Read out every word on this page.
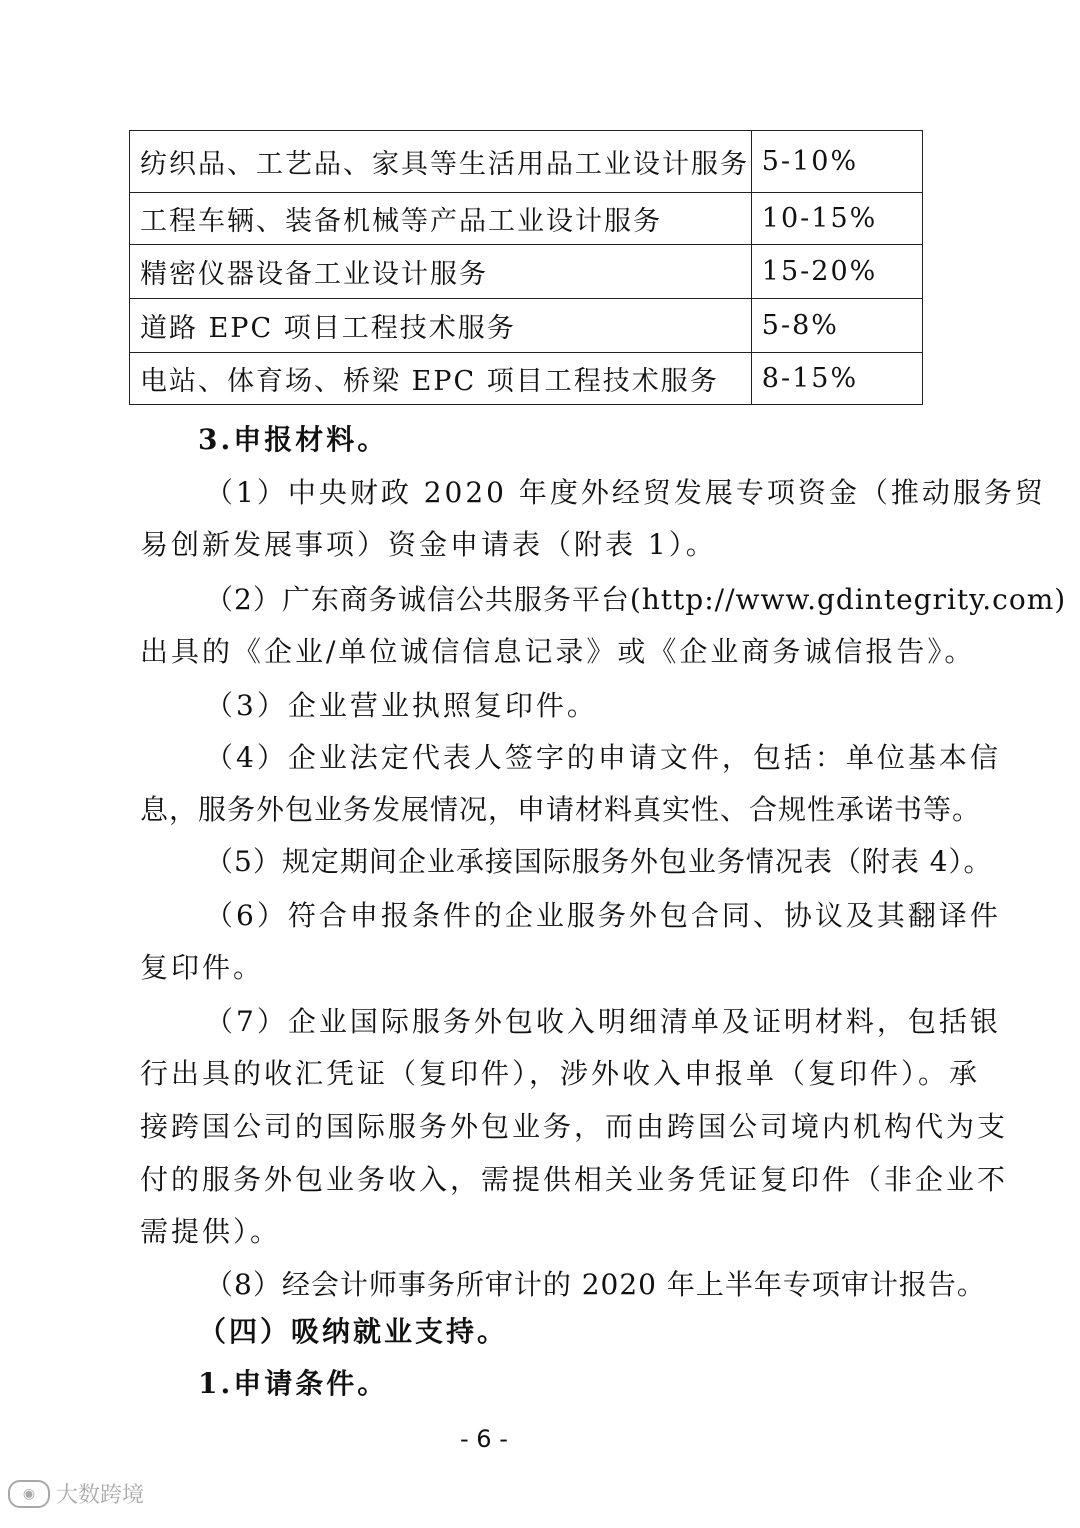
纺织品、工艺品、家具等生活用品工业设计服务	5-10%
工程车辆、装备机械等产品工业设计服务	10-15%
精密仪器设备工业设计服务	15-20%
道路 EPC 项目工程技术服务	5-8%
电站、体育场、桥梁 EPC 项目工程技术服务	8-15%
3.申报材料。
（1）中央财政 2020 年度外经贸发展专项资金（推动服务贸
易创新发展事项）资金申请表（附表 1）。
（2）广东商务诚信公共服务平台(http://www.gdintegrity.com)
出具的《企业/单位诚信信息记录》或《企业商务诚信报告》。
（3）企业营业执照复印件。
（4）企业法定代表人签字的申请文件，包括：单位基本信
息，服务外包业务发展情况，申请材料真实性、合规性承诺书等。
（5）规定期间企业承接国际服务外包业务情况表（附表 4）。
（6）符合申报条件的企业服务外包合同、协议及其翻译件
复印件。
（7）企业国际服务外包收入明细清单及证明材料，包括银
行出具的收汇凭证（复印件），涉外收入申报单（复印件）。承
接跨国公司的国际服务外包业务，而由跨国公司境内机构代为支
付的服务外包业务收入，需提供相关业务凭证复印件（非企业不
需提供）。
（8）经会计师事务所审计的 2020 年上半年专项审计报告。
（四）吸纳就业支持。
1.申请条件。
- 6 -
◉ 大数跨境
